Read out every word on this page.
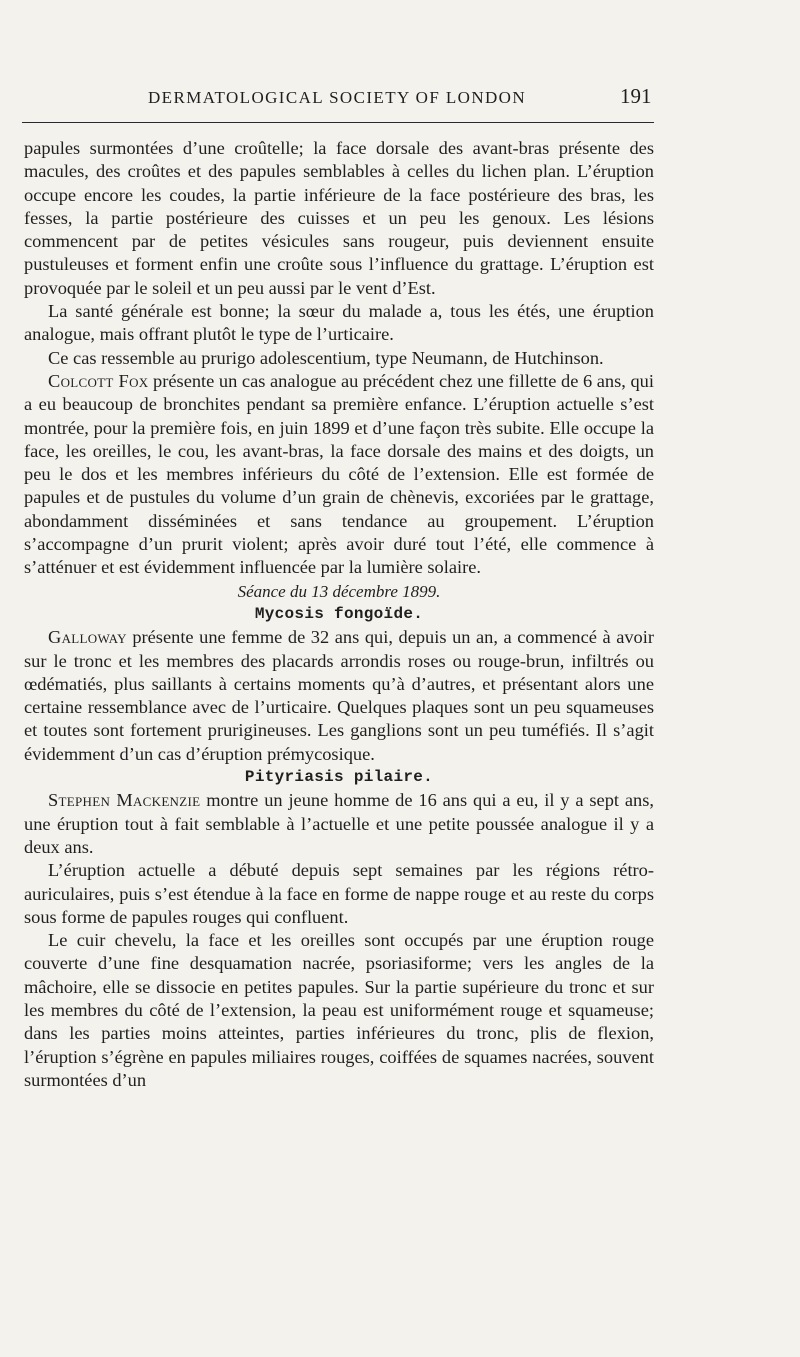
DERMATOLOGICAL SOCIETY OF LONDON	191

papules surmontées d’une croûtelle; la face dorsale des avant-bras présente des macules, des croûtes et des papules semblables à celles du lichen plan. L’éruption occupe encore les coudes, la partie inférieure de la face postérieure des bras, les fesses, la partie postérieure des cuisses et un peu les genoux. Les lésions commencent par de petites vésicules sans rougeur, puis deviennent ensuite pustuleuses et forment enfin une croûte sous l’influence du grattage. L’éruption est provoquée par le soleil et un peu aussi par le vent d’Est.

La santé générale est bonne; la sœur du malade a, tous les étés, une éruption analogue, mais offrant plutôt le type de l’urticaire.

Ce cas ressemble au prurigo adolescentium, type Neumann, de Hutchinson.

Colcott Fox présente un cas analogue au précédent chez une fillette de 6 ans, qui a eu beaucoup de bronchites pendant sa première enfance. L’éruption actuelle s’est montrée, pour la première fois, en juin 1899 et d’une façon très subite. Elle occupe la face, les oreilles, le cou, les avant-bras, la face dorsale des mains et des doigts, un peu le dos et les membres inférieurs du côté de l’extension. Elle est formée de papules et de pustules du volume d’un grain de chènevis, excoriées par le grattage, abondamment disséminées et sans tendance au groupement. L’éruption s’accompagne d’un prurit violent; après avoir duré tout l’été, elle commence à s’atténuer et est évidemment influencée par la lumière solaire.

Séance du 13 décembre 1899.

Mycosis fongoïde.

Galloway présente une femme de 32 ans qui, depuis un an, a commencé à avoir sur le tronc et les membres des placards arrondis roses ou rouge-brun, infiltrés ou œdématiés, plus saillants à certains moments qu’à d’autres, et présentant alors une certaine ressemblance avec de l’urticaire. Quelques plaques sont un peu squameuses et toutes sont fortement prurigineuses. Les ganglions sont un peu tuméfiés. Il s’agit évidemment d’un cas d’éruption prémycosique.

Pityriasis pilaire.

Stephen Mackenzie montre un jeune homme de 16 ans qui a eu, il y a sept ans, une éruption tout à fait semblable à l’actuelle et une petite poussée analogue il y a deux ans.

L’éruption actuelle a débuté depuis sept semaines par les régions rétro-auriculaires, puis s’est étendue à la face en forme de nappe rouge et au reste du corps sous forme de papules rouges qui confluent.

Le cuir chevelu, la face et les oreilles sont occupés par une éruption rouge couverte d’une fine desquamation nacrée, psoriasiforme; vers les angles de la mâchoire, elle se dissocie en petites papules. Sur la partie supérieure du tronc et sur les membres du côté de l’extension, la peau est uniformément rouge et squameuse; dans les parties moins atteintes, parties inférieures du tronc, plis de flexion, l’éruption s’égrène en papules miliaires rouges, coiffées de squames nacrées, souvent surmontées d’un
